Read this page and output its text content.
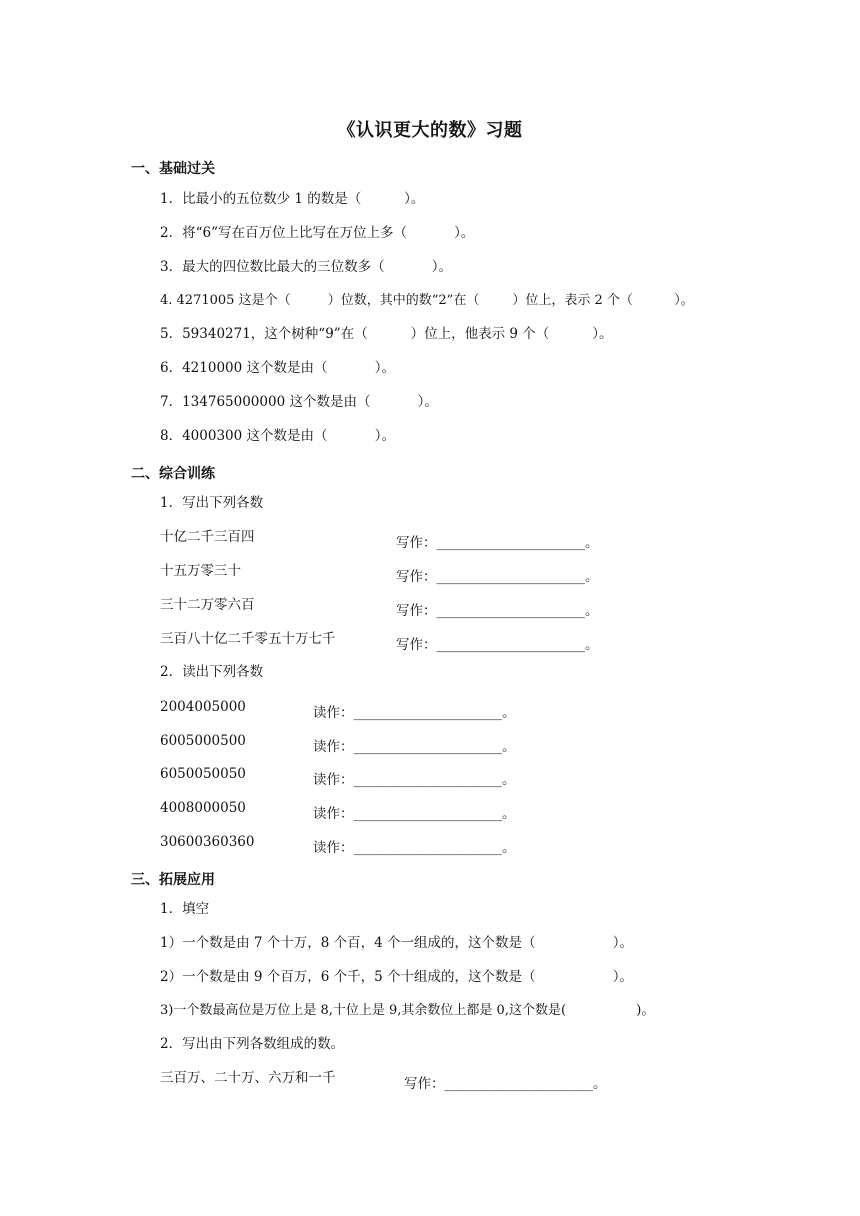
《认识更大的数》习题
一、基础过关
1．比最小的五位数少 1 的数是（          ）。
2．将“6”写在百万位上比写在万位上多（           ）。
3．最大的四位数比最大的三位数多（           ）。
4. 4271005 这是个（         ）位数，其中的数“2”在（        ）位上，表示 2 个（          ）。
5．59340271，这个树种“9”在（          ）位上，他表示 9 个（          ）。
6．4210000 这个数是由（           ）。
7．134765000000 这个数是由（           ）。
8．4000300 这个数是由（           ）。
二、综合训练
1．写出下列各数
十亿二千三百四	写作：______________________。
十五万零三十	写作：______________________。
三十二万零六百	写作：______________________。
三百八十亿二千零五十万七千	写作：______________________。
2．读出下列各数
2004005000	读作：______________________。
6005000500	读作：______________________。
6050050050	读作：______________________。
4008000050	读作：______________________。
30600360360	读作：______________________。
三、拓展应用
1．填空
1）一个数是由 7 个十万，8 个百，4 个一组成的，这个数是（                  ）。
2）一个数是由 9 个百万，6 个千，5 个十组成的，这个数是（                  ）。
3)一个数最高位是万位上是 8,十位上是 9,其余数位上都是 0,这个数是(                 )。
2．写出由下列各数组成的数。
三百万、二十万、六万和一千	写作：______________________。
